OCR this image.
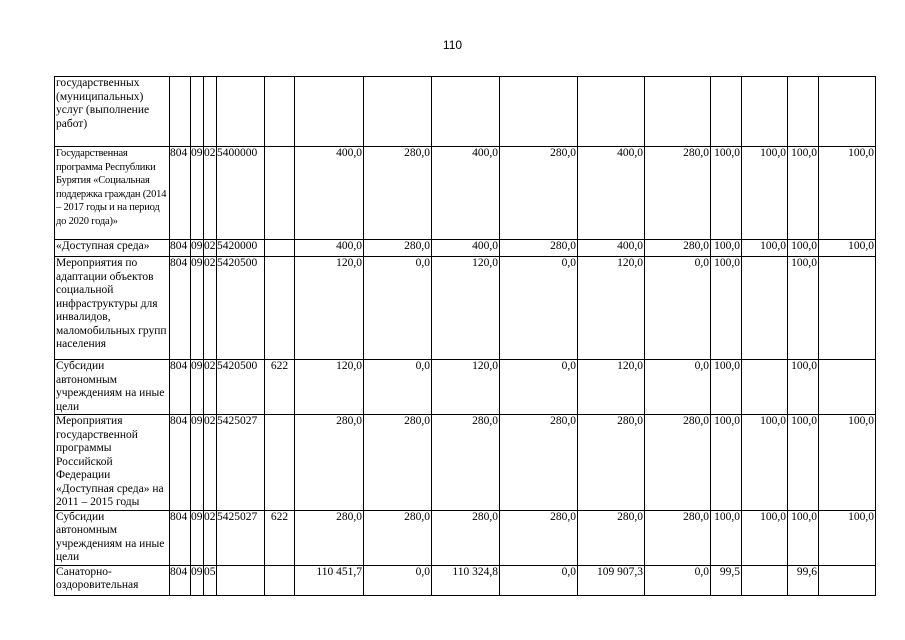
110
государственных (муниципальных) услуг (выполнение работ)															
Государственная программа Республики Бурятия «Социальная поддержка граждан (2014 – 2017 годы и на период до 2020 года)»	804	09	02	5400000		400,0	280,0	400,0	280,0	400,0	280,0	100,0	100,0	100,0	100,0
«Доступная среда»	804	09	02	5420000		400,0	280,0	400,0	280,0	400,0	280,0	100,0	100,0	100,0	100,0
Мероприятия по адаптации объектов социальной инфраструктуры для инвалидов, маломобильных групп населения	804	09	02	5420500		120,0	0,0	120,0	0,0	120,0	0,0	100,0		100,0	
Субсидии автономным учреждениям на иные цели	804	09	02	5420500	622	120,0	0,0	120,0	0,0	120,0	0,0	100,0		100,0	
Мероприятия государственной программы Российской Федерации «Доступная среда» на 2011 – 2015 годы	804	09	02	5425027		280,0	280,0	280,0	280,0	280,0	280,0	100,0	100,0	100,0	100,0
Субсидии автономным учреждениям на иные цели	804	09	02	5425027	622	280,0	280,0	280,0	280,0	280,0	280,0	100,0	100,0	100,0	100,0
Санаторно-оздоровительная	804	09	05			110 451,7	0,0	110 324,8	0,0	109 907,3	0,0	99,5		99,6	
